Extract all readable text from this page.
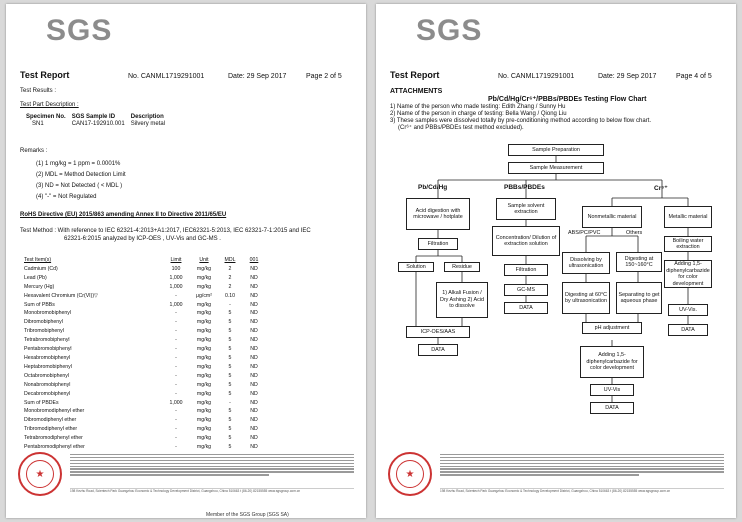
SGS
Test Report	No. CANML1719291001	Date: 29 Sep 2017	Page 2 of 5
Test Results :
Test Part Description :
Specimen No.	SGS Sample ID	Description
SN1	CAN17-192910.001	Silvery metal
Remarks :
(1) 1 mg/kg = 1 ppm = 0.0001%
(2) MDL = Method Detection Limit
(3) ND = Not Detected ( < MDL )
(4) "-" = Not Regulated
RoHS Directive (EU) 2015/863 amending Annex II to Directive 2011/65/EU
Test Method : With reference to IEC 62321-4:2013+A1:2017, IEC62321-5:2013, IEC 62321-7-1:2015 and IEC
62321-6:2015 analyzed by ICP-OES , UV-Vis and GC-MS .
Test Item(s)	Limit	Unit	MDL	001
Cadmium (Cd)	100	mg/kg	2	ND
Lead (Pb)	1,000	mg/kg	2	ND
Mercury (Hg)	1,000	mg/kg	2	ND
Hexavalent Chromium (Cr(VI))▽	-	μg/cm²	0.10	ND
Sum of PBBs	1,000	mg/kg	-	ND
Monobromobiphenyl	-	mg/kg	5	ND
Dibromobiphenyl	-	mg/kg	5	ND
Tribromobiphenyl	-	mg/kg	5	ND
Tetrabromobiphenyl	-	mg/kg	5	ND
Pentabromobiphenyl	-	mg/kg	5	ND
Hexabromobiphenyl	-	mg/kg	5	ND
Heptabromobiphenyl	-	mg/kg	5	ND
Octabromobiphenyl	-	mg/kg	5	ND
Nonabromobiphenyl	-	mg/kg	5	ND
Decabromobiphenyl	-	mg/kg	5	ND
Sum of PBDEs	1,000	mg/kg	-	ND
Monobromodiphenyl ether	-	mg/kg	5	ND
Dibromodiphenyl ether	-	mg/kg	5	ND
Tribromodiphenyl ether	-	mg/kg	5	ND
Tetrabromodiphenyl ether	-	mg/kg	5	ND
Pentabromodiphenyl ether	-	mg/kg	5	ND
★
198 Kezhu Road, Scientech Park Guangzhou Economic & Technology Development District, Guangzhou, China 510663 t (86-20) 82155555 www.sgsgroup.com.cn
Member of the SGS Group (SGS SA)
SGS
Test Report	No. CANML1719291001	Date: 29 Sep 2017	Page 4 of 5
ATTACHMENTS
Pb/Cd/Hg/Cr⁶⁺/PBBs/PBDEs Testing Flow Chart
1) Name of the person who made testing: Edith Zhang / Sunny Hu
2) Name of the person in charge of testing: Bella Wang / Qiong Liu
3) These samples were dissolved totally by pre-conditioning method according to below flow chart.
(Cr⁶⁺ and PBBs/PBDEs test method excluded).
Sample Preparation
Sample Measurement
Pb/Cd/Hg	PBBs/PBDEs	Cr⁶⁺
Acid digestion with microwave / hotplate
Filtration
Solution	Residue
1) Alkali Fusion / Dry Ashing 2) Acid to dissolve
ICP-OES/AAS
DATA
Sample solvent extraction
Concentration/ Dilution of extraction solution
Filtration
GC-MS
DATA
Nonmetallic material
ABS/PC/PVC	Others
Dissolving by ultrasonication
Digesting at 150~160°C
Digesting at 60°C by ultrasonication
Separating to get aqueous phase
pH adjustment
Adding 1,5-diphenylcarbazide for color development
UV-Vis
DATA
Metallic material
Boiling water extraction
Adding 1,5-diphenylcarbazide for color development
UV-Vis.
DATA
★
198 Kezhu Road, Scientech Park Guangzhou Economic & Technology Development District, Guangzhou, China 510663 t (86-20) 82155555 www.sgsgroup.com.cn
